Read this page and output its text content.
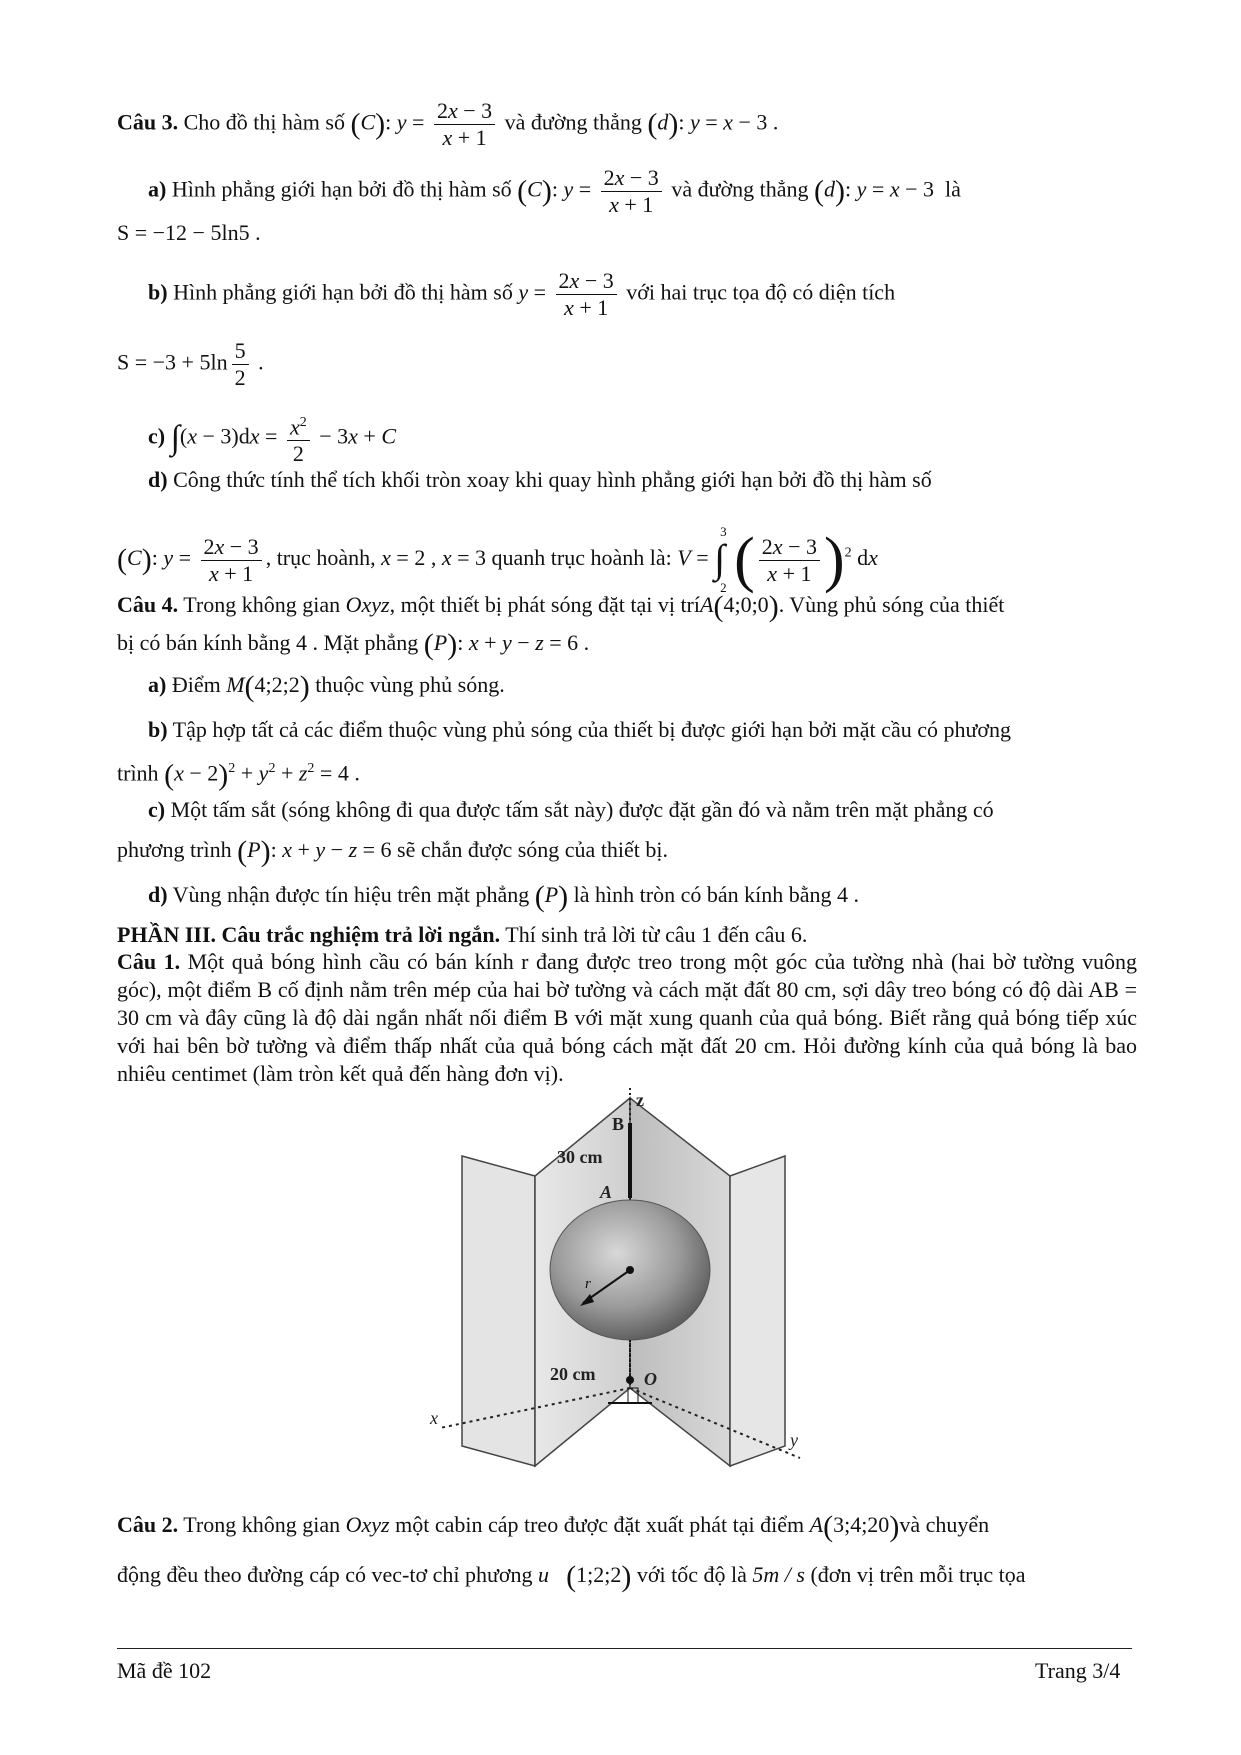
Câu 3. Cho đồ thị hàm số (C): $y = \frac{2x - 3}{x + 1}$ và đường thẳng (d): y = x − 3 .
a) Hình phẳng giới hạn bởi đồ thị hàm số (C): $y = \frac{2x - 3}{x + 1}$ và đường thẳng (d): y = x − 3  là
S = −12 − 5ln5 .
b) Hình phẳng giới hạn bởi đồ thị hàm số $y = \frac{2x - 3}{x + 1}$ với hai trục tọa độ có diện tích
$S = -3 + 5\ln \frac{5}{2}$ .
c) $\int(x - 3)dx = \frac{x^2}{2} - 3x + C$
d) Công thức tính thể tích khối tròn xoay khi quay hình phẳng giới hạn bởi đồ thị hàm số
(C): $y = \frac{2x - 3}{x + 1}$ , trục hoành, x = 2 , x = 3 quanh trục hoành là: V =
3
∫
2 ( $\frac{2x - 3}{x + 1} )^2$ dx
Câu 4. Trong không gian Oxyz, một thiết bị phát sóng đặt tại vị tríA(4;0;0). Vùng phủ sóng của thiết
bị có bán kính bằng 4 . Mặt phẳng (P): x + y − z = 6 .
a) Điểm M(4;2;2) thuộc vùng phủ sóng.
b) Tập hợp tất cả các điểm thuộc vùng phủ sóng của thiết bị được giới hạn bởi mặt cầu có phương
trình $(x - 2)^2 + y^2 + z^2 = 4$ .
c) Một tấm sắt (sóng không đi qua được tấm sắt này) được đặt gần đó và nằm trên mặt phẳng có
phương trình (P): x + y − z = 6 sẽ chắn được sóng của thiết bị.
d) Vùng nhận được tín hiệu trên mặt phẳng (P) là hình tròn có bán kính bằng 4 .
PHẦN III. Câu trắc nghiệm trả lời ngắn. Thí sinh trả lời từ câu 1 đến câu 6.
Câu 1. Một quả bóng hình cầu có bán kính r đang được treo trong một góc của tường nhà (hai bờ tường vuông góc), một điểm B cố định nằm trên mép của hai bờ tường và cách mặt đất 80 cm, sợi dây treo bóng có độ dài AB = 30 cm và đây cũng là độ dài ngắn nhất nối điểm B với mặt xung quanh của quả bóng. Biết rằng quả bóng tiếp xúc với hai bên bờ tường và điểm thấp nhất của quả bóng cách mặt đất 20 cm. Hỏi đường kính của quả bóng là bao nhiêu centimet (làm tròn kết quả đến hàng đơn vị).
z
B
30 cm
A
r
20 cm	O
x
y
Câu 2. Trong không gian Oxyz một cabin cáp treo được đặt xuất phát tại điểm A(3;4;20)và chuyển
động đều theo đường cáp có vec-tơ chỉ phương u⃗(1;2;2) với tốc độ là 5m / s (đơn vị trên mỗi trục tọa
Mã đề 102	Trang 3/4
